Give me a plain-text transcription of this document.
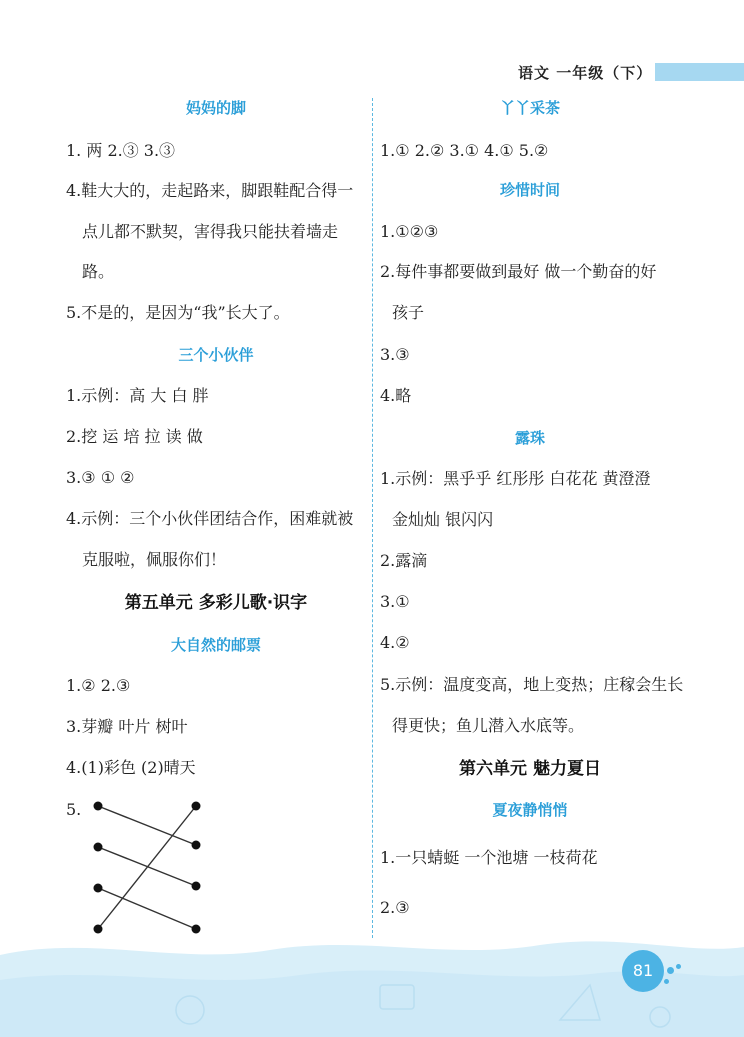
语文 一年级（下）
妈妈的脚
1. 两 2.③ 3.③
4.鞋大大的，走起路来，脚跟鞋配合得一
点儿都不默契，害得我只能扶着墙走
路。
5.不是的，是因为“我”长大了。
三个小伙伴
1.示例：高 大 白 胖
2.挖 运 培 拉 读 做
3.③ ① ②
4.示例：三个小伙伴团结合作，困难就被
克服啦，佩服你们！
第五单元 多彩儿歌·识字
大自然的邮票
1.② 2.③
3.芽瓣 叶片 树叶
4.(1)彩色 (2)晴天
5.
丫丫采茶
1.① 2.② 3.① 4.① 5.②
珍惜时间
1.①②③
2.每件事都要做到最好 做一个勤奋的好
孩子
3.③
4.略
露珠
1.示例：黑乎乎 红彤彤 白花花 黄澄澄
金灿灿 银闪闪
2.露滴
3.①
4.②
5.示例：温度变高，地上变热；庄稼会生长
得更快；鱼儿潜入水底等。
第六单元 魅力夏日
夏夜静悄悄
1.一只蜻蜓 一个池塘 一枝荷花
2.③
81
